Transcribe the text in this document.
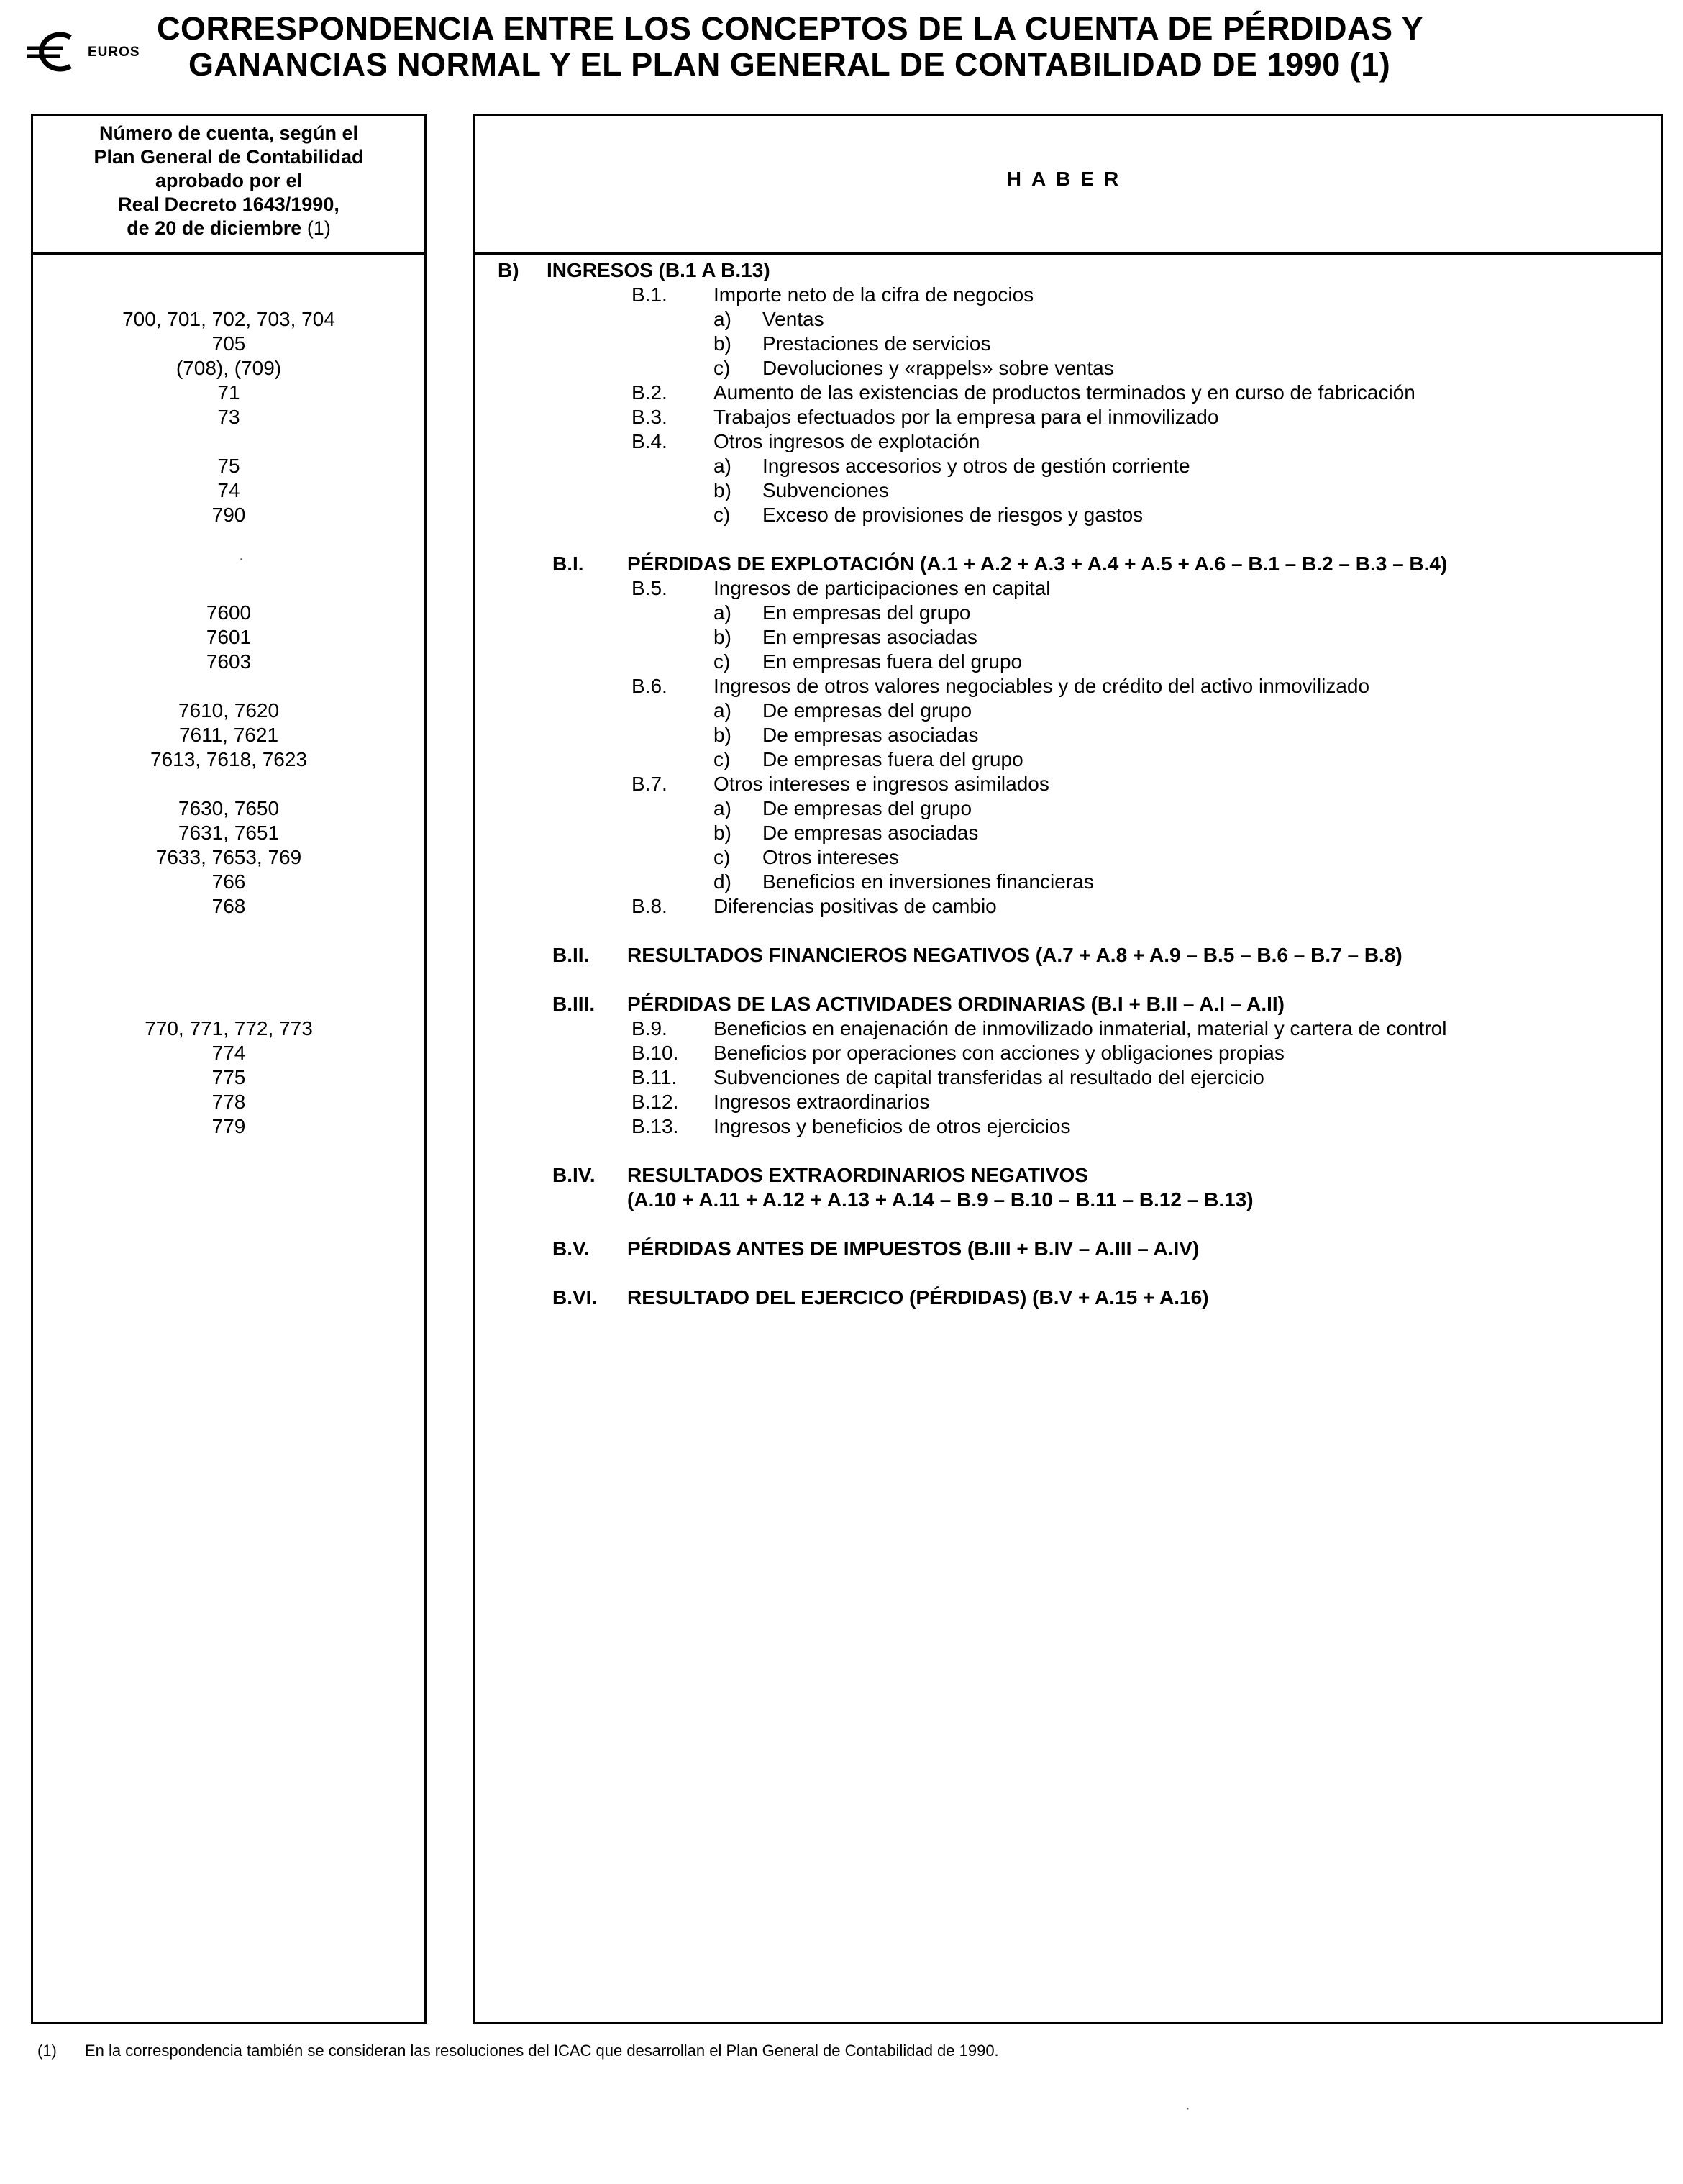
EUROS
CORRESPONDENCIA ENTRE LOS CONCEPTOS DE LA CUENTA DE PÉRDIDAS Y
GANANCIAS NORMAL Y EL PLAN GENERAL DE CONTABILIDAD DE 1990 (1)
Número de cuenta, según el
Plan General de Contabilidad
aprobado por el
Real Decreto 1643/1990,
de 20 de diciembre (1)
700, 701, 702, 703, 704
705
(708), (709)
71
73
75
74
790
7600
7601
7603
7610, 7620
7611, 7621
7613, 7618, 7623
7630, 7650
7631, 7651
7633, 7653, 769
766
768
770, 771, 772, 773
774
775
778
779
HABER
B) INGRESOS (B.1 A B.13)
B.1. Importe neto de la cifra de negocios
a) Ventas
b) Prestaciones de servicios
c) Devoluciones y «rappels» sobre ventas
B.2. Aumento de las existencias de productos terminados y en curso de fabricación
B.3. Trabajos efectuados por la empresa para el inmovilizado
B.4. Otros ingresos de explotación
a) Ingresos accesorios y otros de gestión corriente
b) Subvenciones
c) Exceso de provisiones de riesgos y gastos
B.I. PÉRDIDAS DE EXPLOTACIÓN (A.1 + A.2 + A.3 + A.4 + A.5 + A.6 – B.1 – B.2 – B.3 – B.4)
B.5. Ingresos de participaciones en capital
a) En empresas del grupo
b) En empresas asociadas
c) En empresas fuera del grupo
B.6. Ingresos de otros valores negociables y de crédito del activo inmovilizado
a) De empresas del grupo
b) De empresas asociadas
c) De empresas fuera del grupo
B.7. Otros intereses e ingresos asimilados
a) De empresas del grupo
b) De empresas asociadas
c) Otros intereses
d) Beneficios en inversiones financieras
B.8. Diferencias positivas de cambio
B.II. RESULTADOS FINANCIEROS NEGATIVOS (A.7 + A.8 + A.9 – B.5 – B.6 – B.7 – B.8)
B.III. PÉRDIDAS DE LAS ACTIVIDADES ORDINARIAS (B.I + B.II – A.I – A.II)
B.9. Beneficios en enajenación de inmovilizado inmaterial, material y cartera de control
B.10. Beneficios por operaciones con acciones y obligaciones propias
B.11. Subvenciones de capital transferidas al resultado del ejercicio
B.12. Ingresos extraordinarios
B.13. Ingresos y beneficios de otros ejercicios
B.IV. RESULTADOS EXTRAORDINARIOS NEGATIVOS
(A.10 + A.11 + A.12 + A.13 + A.14 – B.9 – B.10 – B.11 – B.12 – B.13)
B.V. PÉRDIDAS ANTES DE IMPUESTOS (B.III + B.IV – A.III – A.IV)
B.VI. RESULTADO DEL EJERCICO (PÉRDIDAS) (B.V + A.15 + A.16)
(1) En la correspondencia también se consideran las resoluciones del ICAC que desarrollan el Plan General de Contabilidad de 1990.
·
·
